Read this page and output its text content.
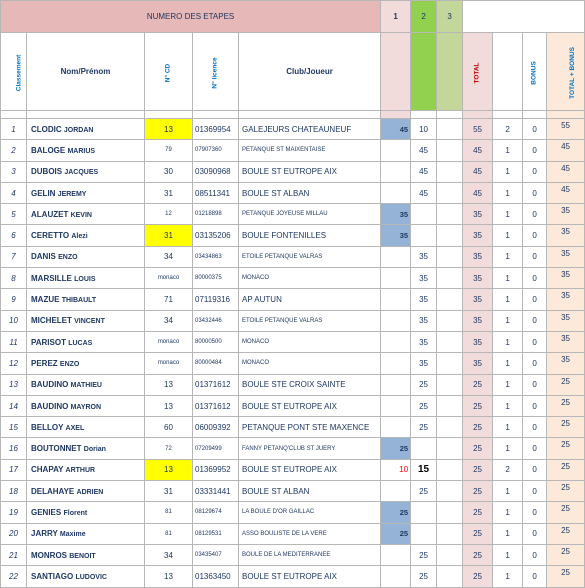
NUMERO DES ETAPES					1	2	3				
Classement	Nom/Prénom	N° CD	N° licence	Club/Joueur				TOTAL		BONUS	TOTAL + BONUS

1	CLODIC JORDAN	13	01369954	GALEJEURS CHATEAUNEUF	45	10		55	2	0	55
2	BALOGE MARIUS	79	07907360	PETANQUE ST MAIXENTAISE		45		45	1	0	45
3	DUBOIS JACQUES	30	03090968	BOULE ST EUTROPE AIX		45		45	1	0	45
4	GELIN JEREMY	31	08511341	BOULE ST ALBAN		45		45	1	0	45
5	ALAUZET KEVIN	12	01218898	PETANQUE JOYEUSE MILLAU	35			35	1	0	35
6	CERETTO Alezi	31	03135206	BOULE FONTENILLES	35			35	1	0	35
7	DANIS ENZO	34	03434863	ETOILE PETANQUE VALRAS		35		35	1	0	35
8	MARSILLE LOUIS	monaco	80000375	MONACO		35		35	1	0	35
9	MAZUE THIBAULT	71	07119316	AP AUTUN		35		35	1	0	35
10	MICHELET VINCENT	34	03432446	ETOILE PETANQUE VALRAS		35		35	1	0	35
11	PARISOT LUCAS	monaco	80000500	MONACO		35		35	1	0	35
12	PEREZ ENZO	monaco	80000484	MONACO		35		35	1	0	35
13	BAUDINO MATHIEU	13	01371612	BOULE STE CROIX SAINTE		25		25	1	0	25
14	BAUDINO MAYRON	13	01371612	BOULE ST EUTROPE AIX		25		25	1	0	25
15	BELLOY AXEL	60	06009392	PETANQUE PONT STE MAXENCE		25		25	1	0	25
16	BOUTONNET Dorian	72	07209499	FANNY PETANQ'CLUB ST JUERY	25			25	1	0	25
17	CHAPAY ARTHUR	13	01369952	BOULE ST EUTROPE AIX	10	15		25	2	0	25
18	DELAHAYE ADRIEN	31	03331441	BOULE ST ALBAN		25		25	1	0	25
19	GENIES Florent	81	08129674	LA BOULE D'OR GAILLAC	25			25	1	0	25
20	JARRY Maxime	81	08129531	ASSO BOULISTE DE LA VERE	25			25	1	0	25
21	MONROS BENOIT	34	03435407	BOULE DE LA MEDITERRANEE		25		25	1	0	25
22	SANTIAGO LUDOVIC	13	01363450	BOULE ST EUTROPE AIX		25		25	1	0	25
